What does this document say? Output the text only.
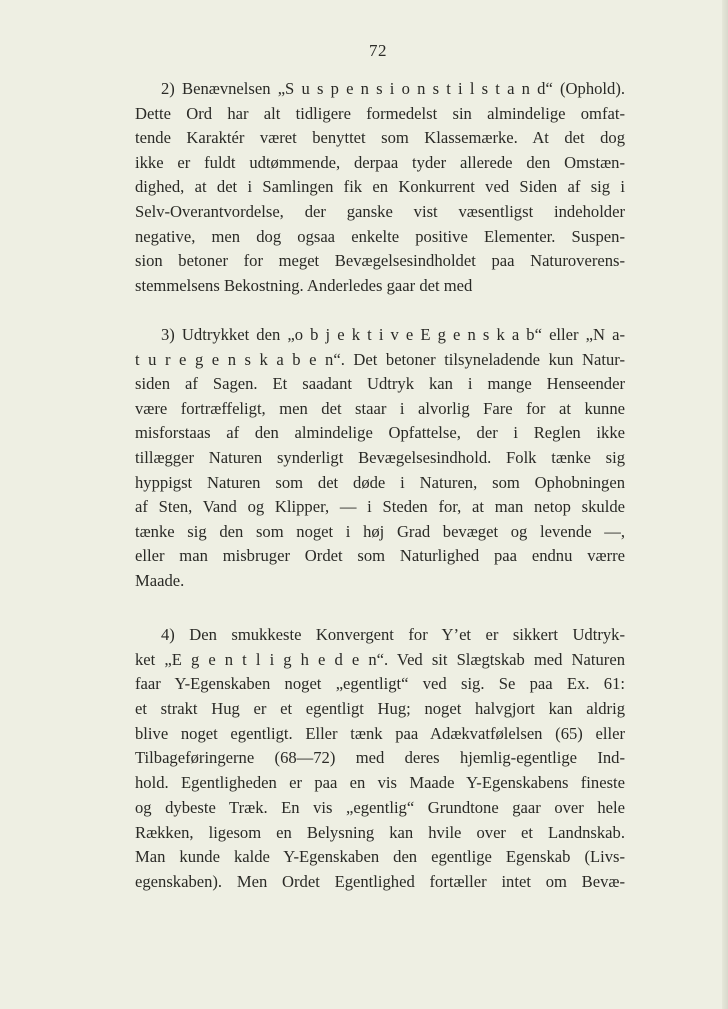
72
2) Benævnelsen „S u s p e n s i o n s t i l s t a n d“ (Ophold).
Dette Ord har alt tidligere formedelst sin almindelige omfat-
tende Karaktér været benyttet som Klassemærke. At det dog
ikke er fuldt udtømmende, derpaa tyder allerede den Omstæn-
dighed, at det i Samlingen fik en Konkurrent ved Siden af sig i
Selv-Overantvordelse, der ganske vist væsentligst indeholder
negative, men dog ogsaa enkelte positive Elementer. Suspen-
sion betoner for meget Bevægelsesindholdet paa Naturoverens-
stemmelsens Bekostning. Anderledes gaar det med
3) Udtrykket den „o b j e k t i v e E g e n s k a b“ eller „N a-
t u r e g e n s k a b e n“. Det betoner tilsyneladende kun Natur-
siden af Sagen. Et saadant Udtryk kan i mange Henseender
være fortræffeligt, men det staar i alvorlig Fare for at kunne
misforstaas af den almindelige Opfattelse, der i Reglen ikke
tillægger Naturen synderligt Bevægelsesindhold. Folk tænke sig
hyppigst Naturen som det døde i Naturen, som Ophobningen
af Sten, Vand og Klipper, — i Steden for, at man netop skulde
tænke sig den som noget i høj Grad bevæget og levende —,
eller man misbruger Ordet som Naturlighed paa endnu værre
Maade.
4) Den smukkeste Konvergent for Y’et er sikkert Udtryk-
ket „E g e n t l i g h e d e n“. Ved sit Slægtskab med Naturen
faar Y-Egenskaben noget „egentligt“ ved sig. Se paa Ex. 61:
et strakt Hug er et egentligt Hug; noget halvgjort kan aldrig
blive noget egentligt. Eller tænk paa Adækvatfølelsen (65) eller
Tilbageføringerne (68—72) med deres hjemlig-egentlige Ind-
hold. Egentligheden er paa en vis Maade Y-Egenskabens fineste
og dybeste Træk. En vis „egentlig“ Grundtone gaar over hele
Rækken, ligesom en Belysning kan hvile over et Landnskab.
Man kunde kalde Y-Egenskaben den egentlige Egenskab (Livs-
egenskaben). Men Ordet Egentlighed fortæller intet om Bevæ-
